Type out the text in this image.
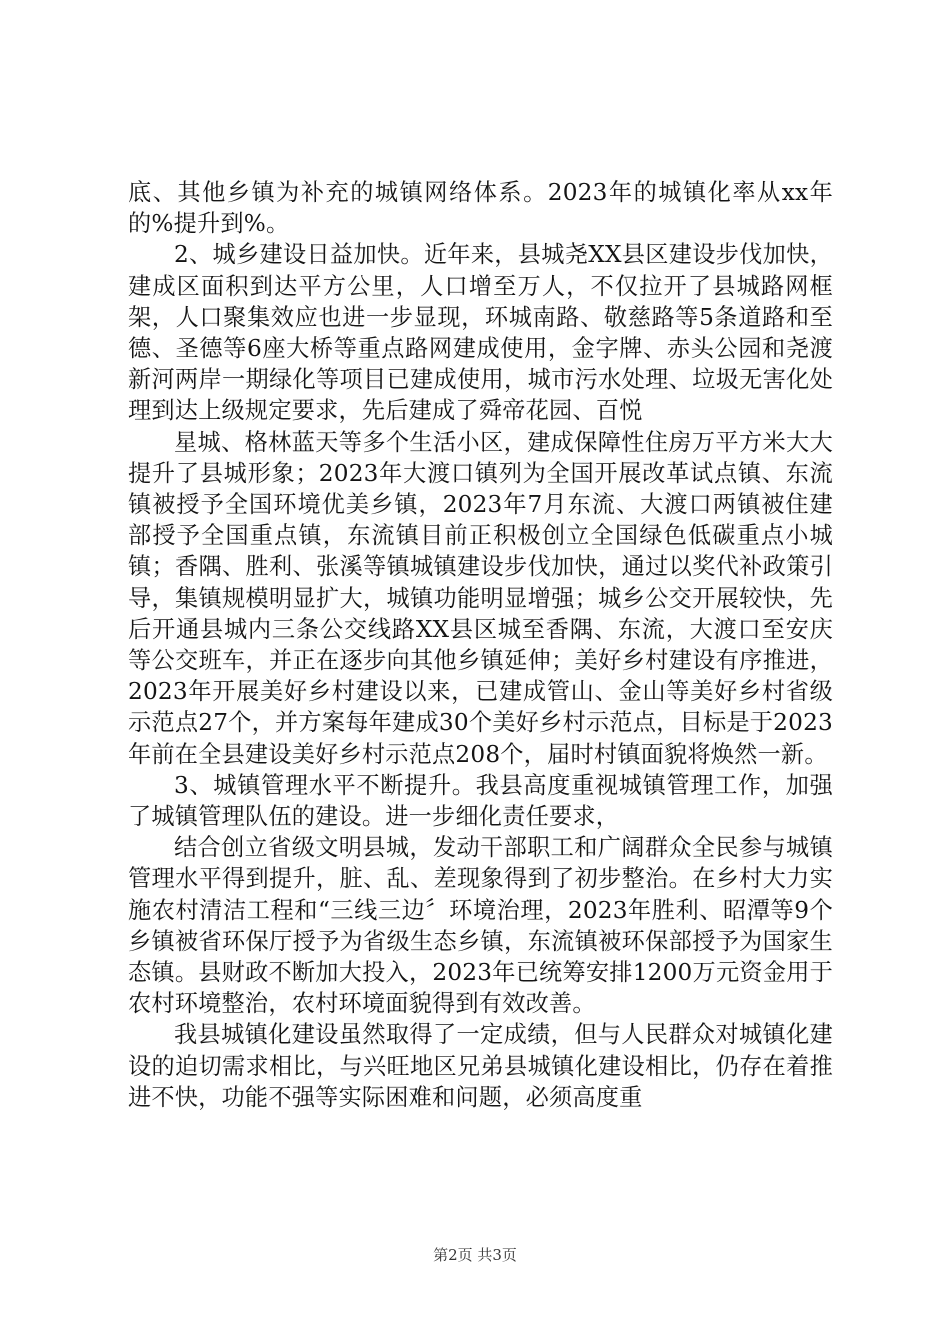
底、其他乡镇为补充的城镇网络体系。2023年的城镇化率从xx年的%提升到%。

2、城乡建设日益加快。近年来，县城尧XX县区建设步伐加快，建成区面积到达平方公里，人口增至万人，不仅拉开了县城路网框架，人口聚集效应也进一步显现，环城南路、敬慈路等5条道路和至德、圣德等6座大桥等重点路网建成使用，金字牌、赤头公园和尧渡新河两岸一期绿化等项目已建成使用，城市污水处理、垃圾无害化处理到达上级规定要求，先后建成了舜帝花园、百悦

星城、格林蓝天等多个生活小区，建成保障性住房万平方米大大提升了县城形象；2023年大渡口镇列为全国开展改革试点镇、东流镇被授予全国环境优美乡镇，2023年7月东流、大渡口两镇被住建部授予全国重点镇，东流镇目前正积极创立全国绿色低碳重点小城镇；香隅、胜利、张溪等镇城镇建设步伐加快，通过以奖代补政策引导，集镇规模明显扩大，城镇功能明显增强；城乡公交开展较快，先后开通县城内三条公交线路XX县区城至香隅、东流，大渡口至安庆等公交班车，并正在逐步向其他乡镇延伸；美好乡村建设有序推进，2023年开展美好乡村建设以来，已建成管山、金山等美好乡村省级示范点27个，并方案每年建成30个美好乡村示范点，目标是于2023年前在全县建设美好乡村示范点208个，届时村镇面貌将焕然一新。

3、城镇管理水平不断提升。我县高度重视城镇管理工作，加强了城镇管理队伍的建设。进一步细化责任要求，

结合创立省级文明县城，发动干部职工和广阔群众全民参与城镇管理水平得到提升，脏、乱、差现象得到了初步整治。在乡村大力实施农村清洁工程和“三线三边〞环境治理，2023年胜利、昭潭等9个乡镇被省环保厅授予为省级生态乡镇，东流镇被环保部授予为国家生态镇。县财政不断加大投入，2023年已统筹安排1200万元资金用于农村环境整治，农村环境面貌得到有效改善。

我县城镇化建设虽然取得了一定成绩，但与人民群众对城镇化建设的迫切需求相比，与兴旺地区兄弟县城镇化建设相比，仍存在着推进不快，功能不强等实际困难和问题，必须高度重

第2页 共3页
